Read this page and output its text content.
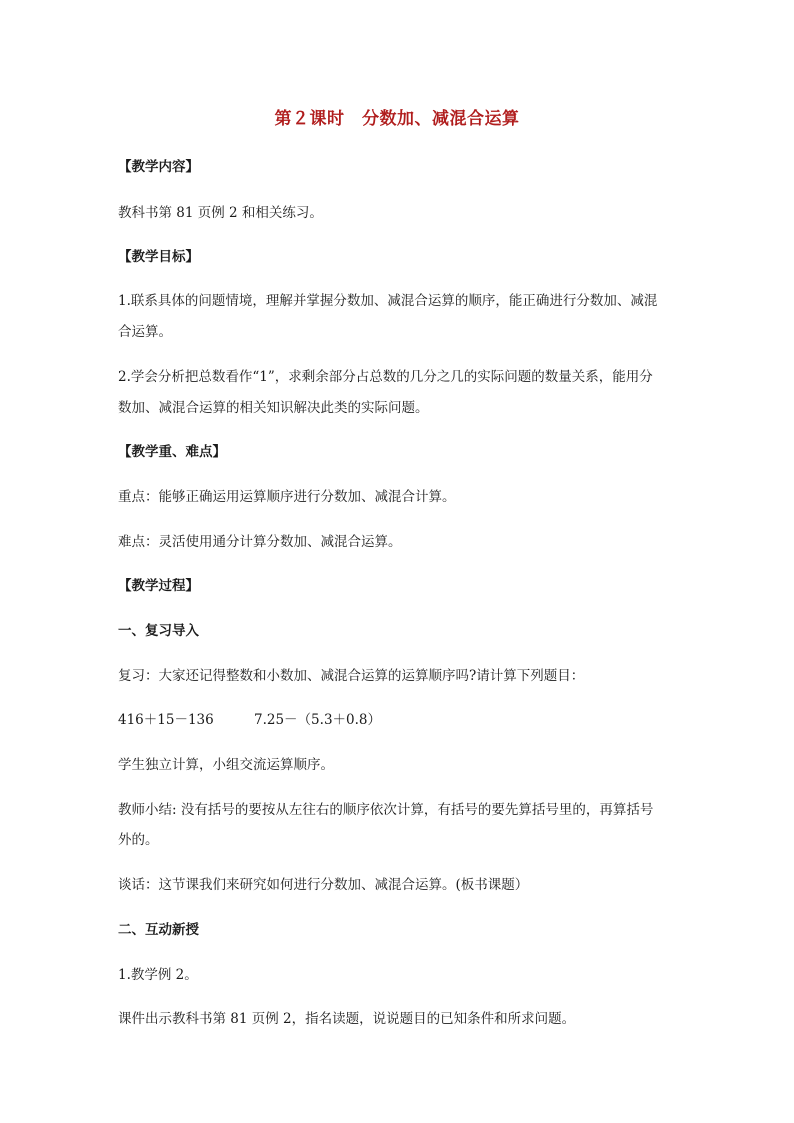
第２课时　分数加、减混合运算
【教学内容】
教科书第 81 页例 2 和相关练习。
【教学目标】
1.联系具体的问题情境，理解并掌握分数加、减混合运算的顺序，能正确进行分数加、减混
合运算。
2.学会分析把总数看作“1”，求剩余部分占总数的几分之几的实际问题的数量关系，能用分
数加、减混合运算的相关知识解决此类的实际问题。
【教学重、难点】
重点：能够正确运用运算顺序进行分数加、减混合计算。
难点：灵活使用通分计算分数加、减混合运算。
【教学过程】
一、复习导入
复习：大家还记得整数和小数加、减混合运算的运算顺序吗?请计算下列题目：
416＋15－136	7.25－（5.3＋0.8）
学生独立计算，小组交流运算顺序。
教师小结: 没有括号的要按从左往右的顺序依次计算，有括号的要先算括号里的，再算括号
外的。
谈话：这节课我们来研究如何进行分数加、减混合运算。(板书课题）
二、互动新授
1.教学例 2。
课件出示教科书第 81 页例 2，指名读题，说说题目的已知条件和所求问题。
